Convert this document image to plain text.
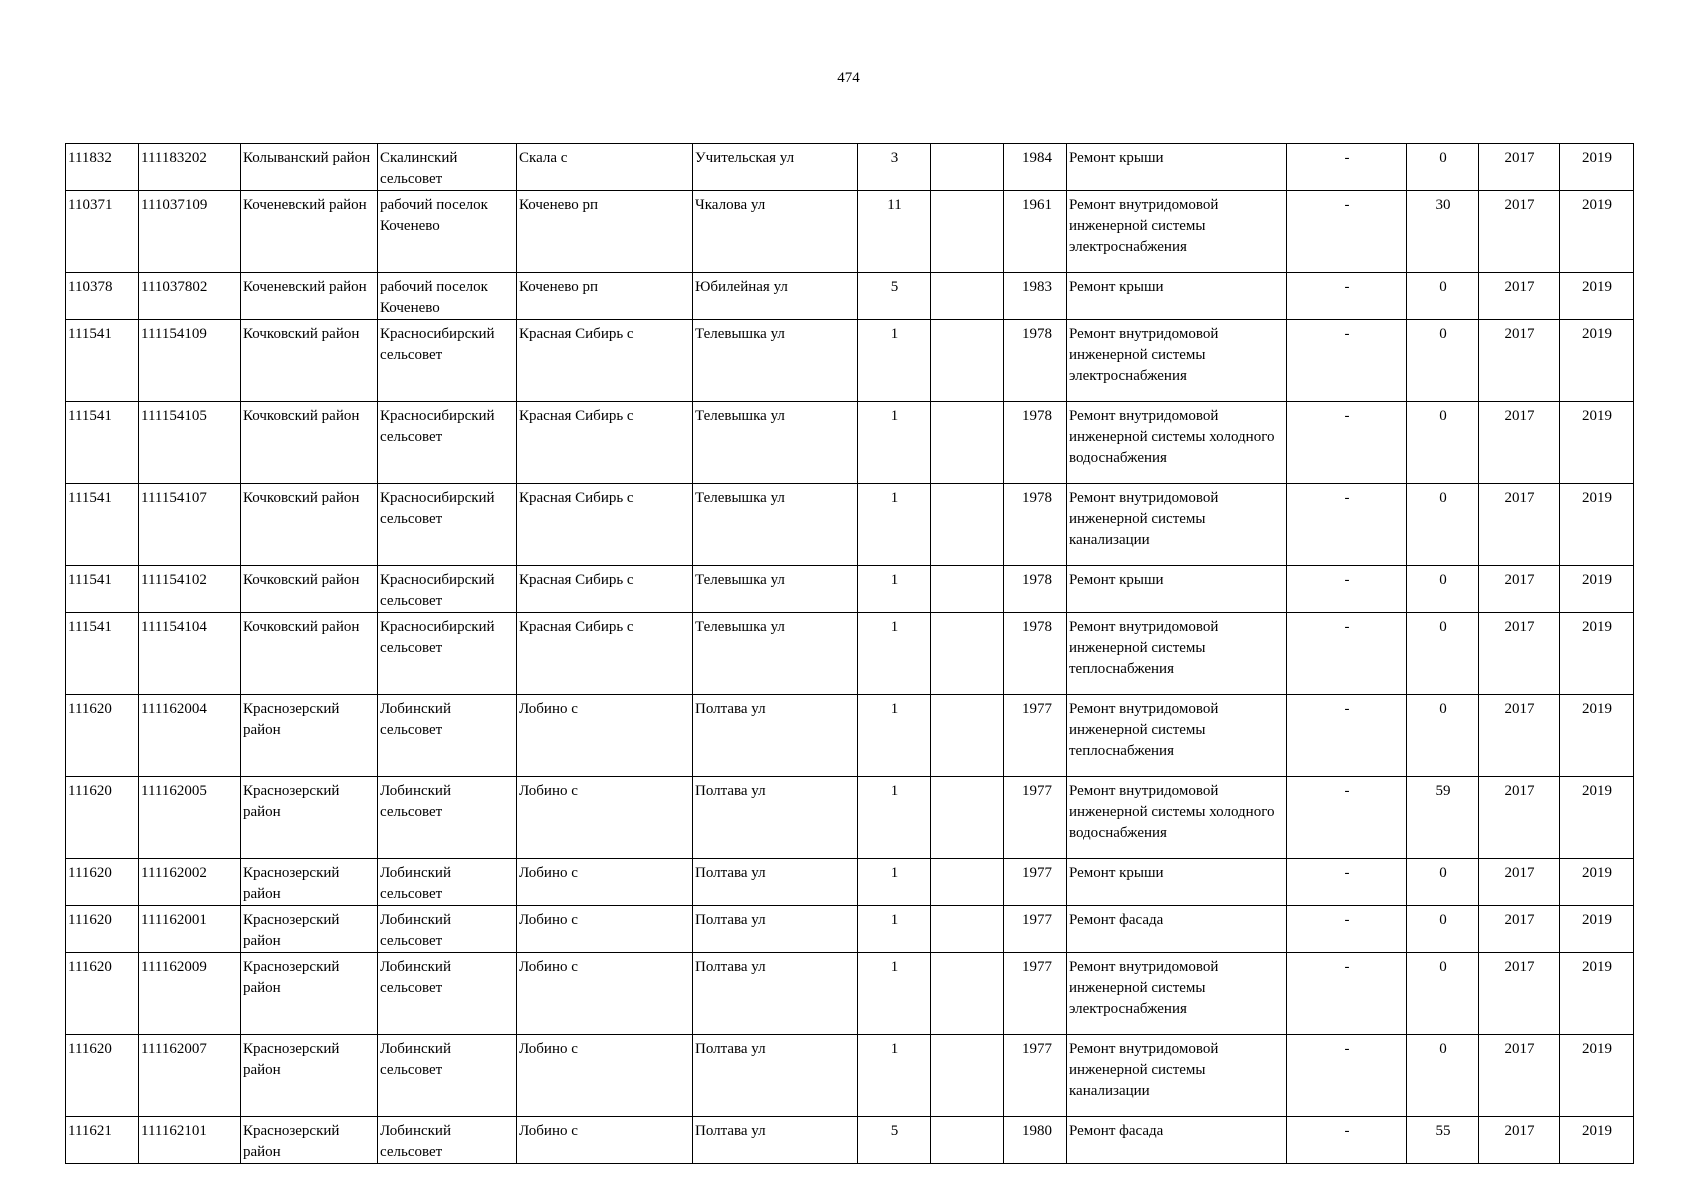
474
111832	111183202	Колыванский район	Скалинский сельсовет	Скала с	Учительская ул	3		1984	Ремонт крыши	-	0	2017	2019
110371	111037109	Коченевский район	рабочий поселок Коченево	Коченево рп	Чкалова ул	11		1961	Ремонт внутридомовой инженерной системы электроснабжения	-	30	2017	2019
110378	111037802	Коченевский район	рабочий поселок Коченево	Коченево рп	Юбилейная ул	5		1983	Ремонт крыши	-	0	2017	2019
111541	111154109	Кочковский район	Красносибирский сельсовет	Красная Сибирь с	Телевышка ул	1		1978	Ремонт внутридомовой инженерной системы электроснабжения	-	0	2017	2019
111541	111154105	Кочковский район	Красносибирский сельсовет	Красная Сибирь с	Телевышка ул	1		1978	Ремонт внутридомовой инженерной системы холодного водоснабжения	-	0	2017	2019
111541	111154107	Кочковский район	Красносибирский сельсовет	Красная Сибирь с	Телевышка ул	1		1978	Ремонт внутридомовой инженерной системы канализации	-	0	2017	2019
111541	111154102	Кочковский район	Красносибирский сельсовет	Красная Сибирь с	Телевышка ул	1		1978	Ремонт крыши	-	0	2017	2019
111541	111154104	Кочковский район	Красносибирский сельсовет	Красная Сибирь с	Телевышка ул	1		1978	Ремонт внутридомовой инженерной системы теплоснабжения	-	0	2017	2019
111620	111162004	Краснозерский район	Лобинский сельсовет	Лобино с	Полтава ул	1		1977	Ремонт внутридомовой инженерной системы теплоснабжения	-	0	2017	2019
111620	111162005	Краснозерский район	Лобинский сельсовет	Лобино с	Полтава ул	1		1977	Ремонт внутридомовой инженерной системы холодного водоснабжения	-	59	2017	2019
111620	111162002	Краснозерский район	Лобинский сельсовет	Лобино с	Полтава ул	1		1977	Ремонт крыши	-	0	2017	2019
111620	111162001	Краснозерский район	Лобинский сельсовет	Лобино с	Полтава ул	1		1977	Ремонт фасада	-	0	2017	2019
111620	111162009	Краснозерский район	Лобинский сельсовет	Лобино с	Полтава ул	1		1977	Ремонт внутридомовой инженерной системы электроснабжения	-	0	2017	2019
111620	111162007	Краснозерский район	Лобинский сельсовет	Лобино с	Полтава ул	1		1977	Ремонт внутридомовой инженерной системы канализации	-	0	2017	2019
111621	111162101	Краснозерский район	Лобинский сельсовет	Лобино с	Полтава ул	5		1980	Ремонт фасада	-	55	2017	2019
